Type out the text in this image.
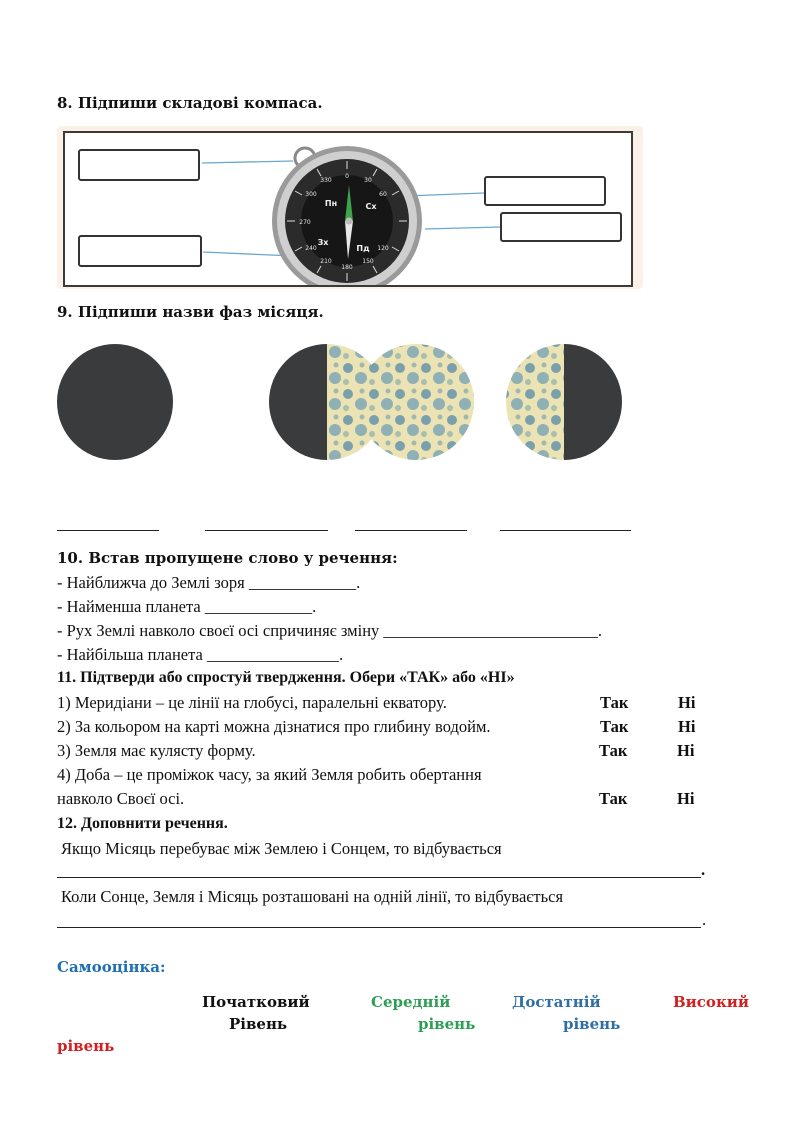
8. Підпиши складові компаса.
0
30
60
120
150
180
210
240
270
300
330
Пн	Сх
Пд
Зх
9. Підпиши назви фаз місяця.
10. Встав пропущене слово у речення:
- Найближча до Землі зоря _____________.
- Найменша планета _____________.
- Рух Землі навколо своєї осі спричиняє зміну __________________________.
- Найбільша планета ________________.
11. Підтверди або спростуй твердження. Обери «ТАК» або «НІ»
1) Меридіани – це лінії на глобусі, паралельні екватору.	Так	Ні
2) За кольором на карті можна дізнатися про глибину водойм.	Так	Ні
3) Земля має кулясту форму.	Так	Ні
4) Доба – це проміжок часу, за який Земля робить обертання
навколо Своєї осі.	Так	Ні
12. Доповнити речення.
Якщо Місяць перебуває між Землею і Сонцем, то відбувається
.
Коли Сонце, Земля і Місяць розташовані на одній лінії, то відбувається
.
Самооцінка:
Початковий
Рівень
Середній
рівень
Достатній
рівень
Високий
рівень
